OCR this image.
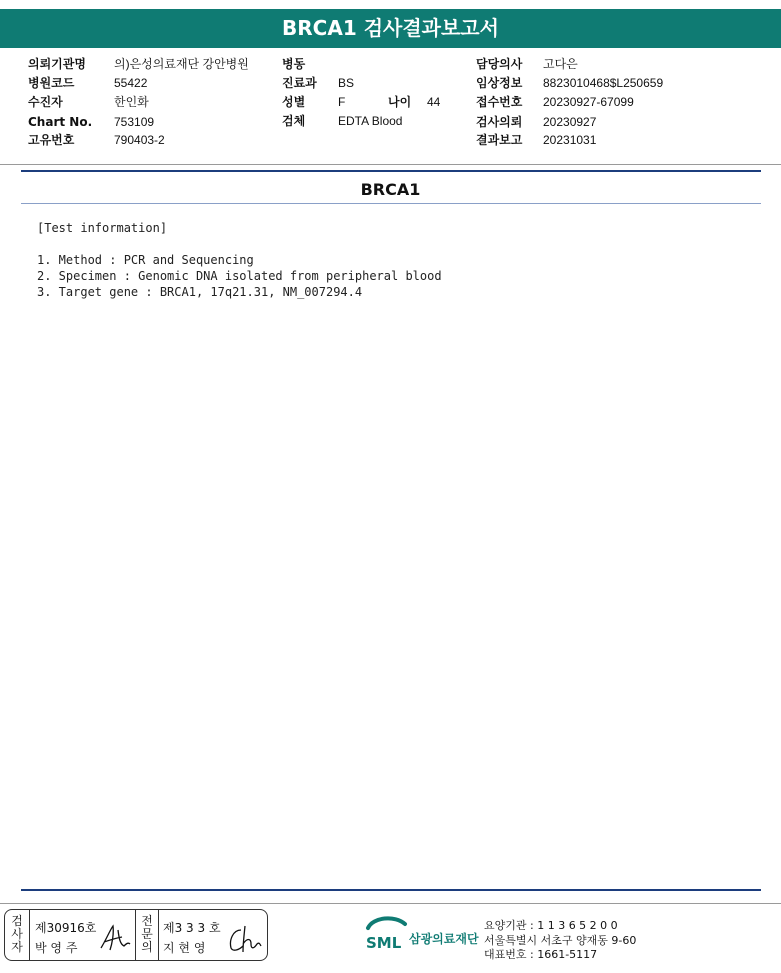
BRCA1 검사결과보고서
의뢰기관명 의)은성의료재단 강안병원
병원코드	55422
수진자	한인화
Chart No. 753109
고유번호	790403-2
병동
진료과 BS
성별	F	나이 44
검체	EDTA Blood
담당의사 고다은
임상정보 8823010468$L250659
접수번호 20230927-67099
검사의뢰 20230927
결과보고 20231031
BRCA1
[Test information]
1. Method : PCR and Sequencing
2. Specimen : Genomic DNA isolated from peripheral blood
3. Target gene : BRCA1, 17q21.31, NM_007294.4
검사자
제30916호
박 영 주
전문의
제3 3 3 호
지 현 영	SML 삼광의료재단
요양기관 : 1 1 3 6 5 2 0 0
서울특별시 서초구 양재동 9-60
대표번호 : 1661-5117
